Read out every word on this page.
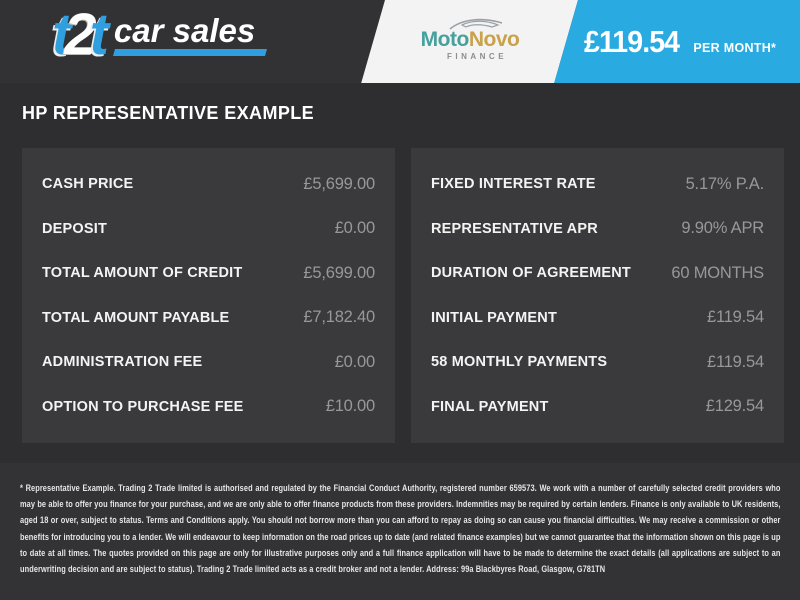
t2t car sales	MotoNovo
FINANCE	£119.54 PER MONTH*
HP REPRESENTATIVE EXAMPLE
CASH PRICE	£5,699.00
DEPOSIT	£0.00
TOTAL AMOUNT OF CREDIT	£5,699.00
TOTAL AMOUNT PAYABLE	£7,182.40
ADMINISTRATION FEE	£0.00
OPTION TO PURCHASE FEE	£10.00
FIXED INTEREST RATE	5.17% P.A.
REPRESENTATIVE APR	9.90% APR
DURATION OF AGREEMENT 60 MONTHS
INITIAL PAYMENT	£119.54
58 MONTHLY PAYMENTS	£119.54
FINAL PAYMENT	£129.54

* Representative Example. Trading 2 Trade limited is authorised and regulated by the Financial Conduct Authority, registered number 659573. We work with a number of carefully selected credit providers who may be able to offer you finance for your purchase, and we are only able to offer finance products from these providers. Indemnities may be required by certain lenders. Finance is only available to UK residents, aged 18 or over, subject to status. Terms and Conditions apply. You should not borrow more than you can afford to repay as doing so can cause you financial difficulties. We may receive a commission or other benefits for introducing you to a lender. We will endeavour to keep information on the road prices up to date (and related finance examples) but we cannot guarantee that the information shown on this page is up to date at all times. The quotes provided on this page are only for illustrative purposes only and a full finance application will have to be made to determine the exact details (all applications are subject to an underwriting decision and are subject to status). Trading 2 Trade limited acts as a credit broker and not a lender. Address: 99a Blackbyres Road, Glasgow, G781TN
